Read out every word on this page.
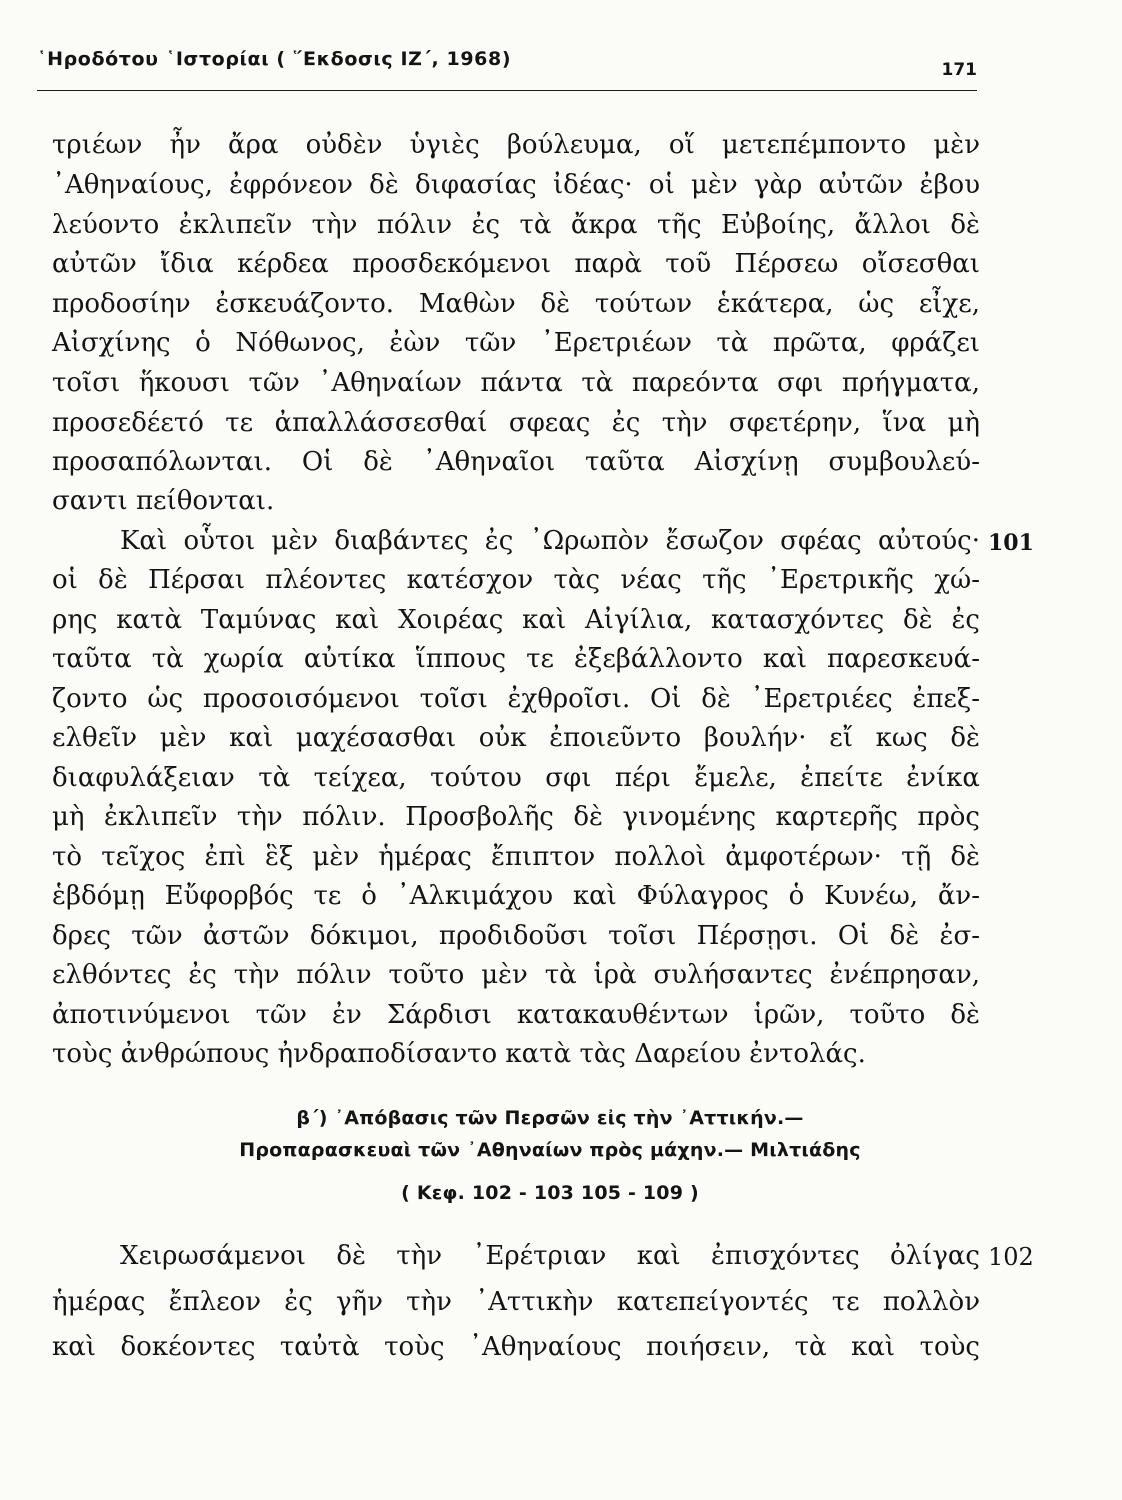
῾Ηροδότου ῾Ιστορίαι ( ῞Εκδοσις ΙΖ΄, 1968)	171
τριέων ἦν ἄρα οὐδὲν ὑγιὲς βούλευμα, οἵ μετεπέμποντο μὲν
᾿Αθηναίους, ἐφρόνεον δὲ διφασίας ἰδέας· οἱ μὲν γὰρ αὐτῶν ἐβου
λεύοντο ἐκλιπεῖν τὴν πόλιν ἐς τὰ ἄκρα τῆς Εὐβοίης, ἄλλοι δὲ
αὐτῶν ἴδια κέρδεα προσδεκόμενοι παρὰ τοῦ Πέρσεω οἴσεσθαι
προδοσίην ἐσκευάζοντο. Μαθὼν δὲ τούτων ἑκάτερα, ὡς εἶχε,
Αἰσχίνης ὁ Νόθωνος, ἐὼν τῶν ᾿Ερετριέων τὰ πρῶτα, φράζει
τοῖσι ἥκουσι τῶν ᾿Αθηναίων πάντα τὰ παρεόντα σφι πρήγματα,
προσεδέετό τε ἀπαλλάσσεσθαί σφεας ἐς τὴν σφετέρην, ἵνα μὴ
προσαπόλωνται. Οἱ δὲ ᾿Αθηναῖοι ταῦτα Αἰσχίνῃ συμβουλεύ-
σαντι πείθονται.
101
Καὶ οὗτοι μὲν διαβάντες ἐς ᾿Ωρωπὸν ἔσωζον σφέας αὐτούς·
οἱ δὲ Πέρσαι πλέοντες κατέσχον τὰς νέας τῆς ᾿Ερετρικῆς χώ-
ρης κατὰ Ταμύνας καὶ Χοιρέας καὶ Αἰγίλια, κατασχόντες δὲ ἐς
ταῦτα τὰ χωρία αὐτίκα ἵππους τε ἐξεβάλλοντο καὶ παρεσκευά-
ζοντο ὡς προσοισόμενοι τοῖσι ἐχθροῖσι. Οἱ δὲ ᾿Ερετριέες ἐπεξ-
ελθεῖν μὲν καὶ μαχέσασθαι οὐκ ἐποιεῦντο βουλήν· εἴ κως δὲ
διαφυλάξειαν τὰ τείχεα, τούτου σφι πέρι ἔμελε, ἐπείτε ἐνίκα
μὴ ἐκλιπεῖν τὴν πόλιν. Προσβολῆς δὲ γινομένης καρτερῆς πρὸς
τὸ τεῖχος ἐπὶ ἓξ μὲν ἡμέρας ἔπιπτον πολλοὶ ἀμφοτέρων· τῇ δὲ
ἑβδόμῃ Εὔφορβός τε ὁ ᾿Αλκιμάχου καὶ Φύλαγρος ὁ Κυνέω, ἄν-
δρες τῶν ἀστῶν δόκιμοι, προδιδοῦσι τοῖσι Πέρσῃσι. Οἱ δὲ ἐσ-
ελθόντες ἐς τὴν πόλιν τοῦτο μὲν τὰ ἱρὰ συλήσαντες ἐνέπρησαν,
ἀποτινύμενοι τῶν ἐν Σάρδισι κατακαυθέντων ἱρῶν, τοῦτο δὲ
τοὺς ἀνθρώπους ἠνδραποδίσαντο κατὰ τὰς Δαρείου ἐντολάς.
β΄) ᾿Απόβασις τῶν Περσῶν εἰς τὴν ᾿Αττικήν.—
Προπαρασκευαὶ τῶν ᾿Αθηναίων πρὸς μάχην.— Μιλτιάδης
( Κεφ. 102 - 103 105 - 109 )
102
Χειρωσάμενοι δὲ τὴν ᾿Ερέτριαν καὶ ἐπισχόντες ὀλίγας
ἡμέρας ἔπλεον ἐς γῆν τὴν ᾿Αττικὴν κατεπείγοντές τε πολλὸν
καὶ δοκέοντες ταὐτὰ τοὺς ᾿Αθηναίους ποιήσειν, τὰ καὶ τοὺς
